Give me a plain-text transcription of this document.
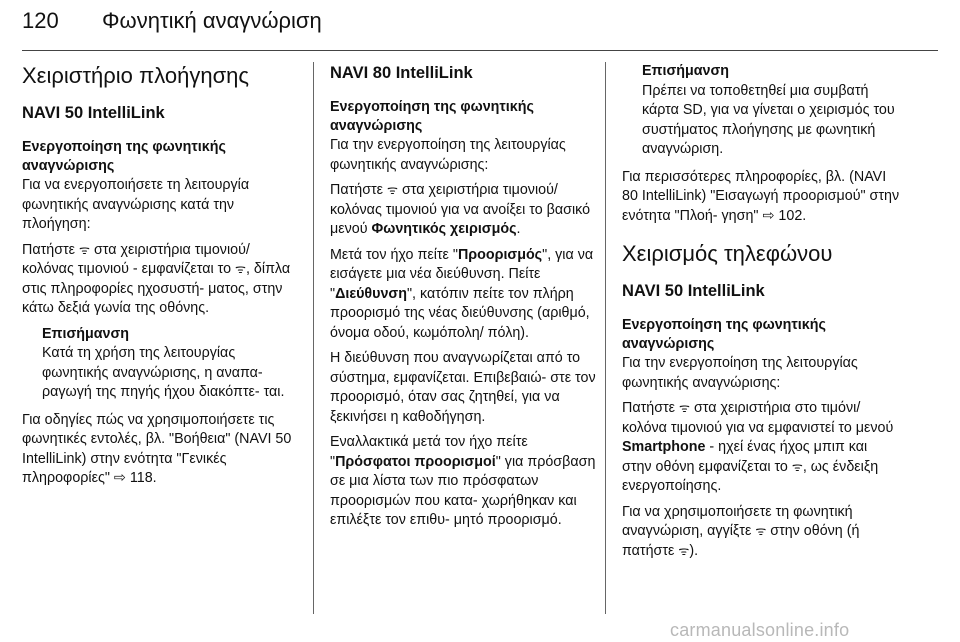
120 Φωνητική αναγνώριση
Χειριστήριο πλοήγησης
NAVI 50 IntelliLink
Ενεργοποίηση της φωνητικής αναγνώρισης

Για να ενεργοποιήσετε τη λειτουργία φωνητικής αναγνώρισης κατά την πλοήγηση:

Πατήστε ᯤ στα χειριστήρια τιμονιού/ κολόνας τιμονιού - εμφανίζεται το ᯤ, δίπλα στις πληροφορίες ηχοσυστή- ματος, στην κάτω δεξιά γωνία της οθόνης.

Επισήμανση
Κατά τη χρήση της λειτουργίας φωνητικής αναγνώρισης, η αναπα- ραγωγή της πηγής ήχου διακόπτε- ται.

Για οδηγίες πώς να χρησιμοποιήσετε τις φωνητικές εντολές, βλ. "Βοήθεια" (NAVI 50 IntelliLink) στην ενότητα "Γενικές πληροφορίες" ⇨ 118.

NAVI 80 IntelliLink
Ενεργοποίηση της φωνητικής αναγνώρισης

Για την ενεργοποίηση της λειτουργίας φωνητικής αναγνώρισης:

Πατήστε ᯤ στα χειριστήρια τιμονιού/ κολόνας τιμονιού για να ανοίξει το βασικό μενού Φωνητικός χειρισμός.

Μετά τον ήχο πείτε "Προορισμός", για να εισάγετε μια νέα διεύθυνση. Πείτε "Διεύθυνση", κατόπιν πείτε τον πλήρη προορισμό της νέας διεύθυνσης (αριθμό, όνομα οδού, κωμόπολη/ πόλη).

Η διεύθυνση που αναγνωρίζεται από το σύστημα, εμφανίζεται. Επιβεβαιώ- στε τον προορισμό, όταν σας ζητηθεί, για να ξεκινήσει η καθοδήγηση.

Εναλλακτικά μετά τον ήχο πείτε "Πρόσφατοι προορισμοί" για πρόσβαση σε μια λίστα των πιο πρόσφατων προορισμών που κατα- χωρήθηκαν και επιλέξτε τον επιθυ- μητό προορισμό.

Επισήμανση
Πρέπει να τοποθετηθεί μια συμβατή κάρτα SD, για να γίνεται ο χειρισμός του συστήματος πλοήγησης με φωνητική αναγνώριση.

Για περισσότερες πληροφορίες, βλ. (NAVI 80 IntelliLink) "Εισαγωγή προορισμού" στην ενότητα "Πλοή- γηση" ⇨ 102.

Χειρισμός τηλεφώνου
NAVI 50 IntelliLink
Ενεργοποίηση της φωνητικής αναγνώρισης

Για την ενεργοποίηση της λειτουργίας φωνητικής αναγνώρισης:

Πατήστε ᯤ στα χειριστήρια στο τιμόνι/ κολόνα τιμονιού για να εμφανιστεί το μενού Smartphone - ηχεί ένας ήχος μπιπ και στην οθόνη εμφανίζεται το ᯤ, ως ένδειξη ενεργοποίησης.

Για να χρησιμοποιήσετε τη φωνητική αναγνώριση, αγγίξτε ᯤ στην οθόνη (ή πατήστε ᯤ).

carmanualsonline.info
